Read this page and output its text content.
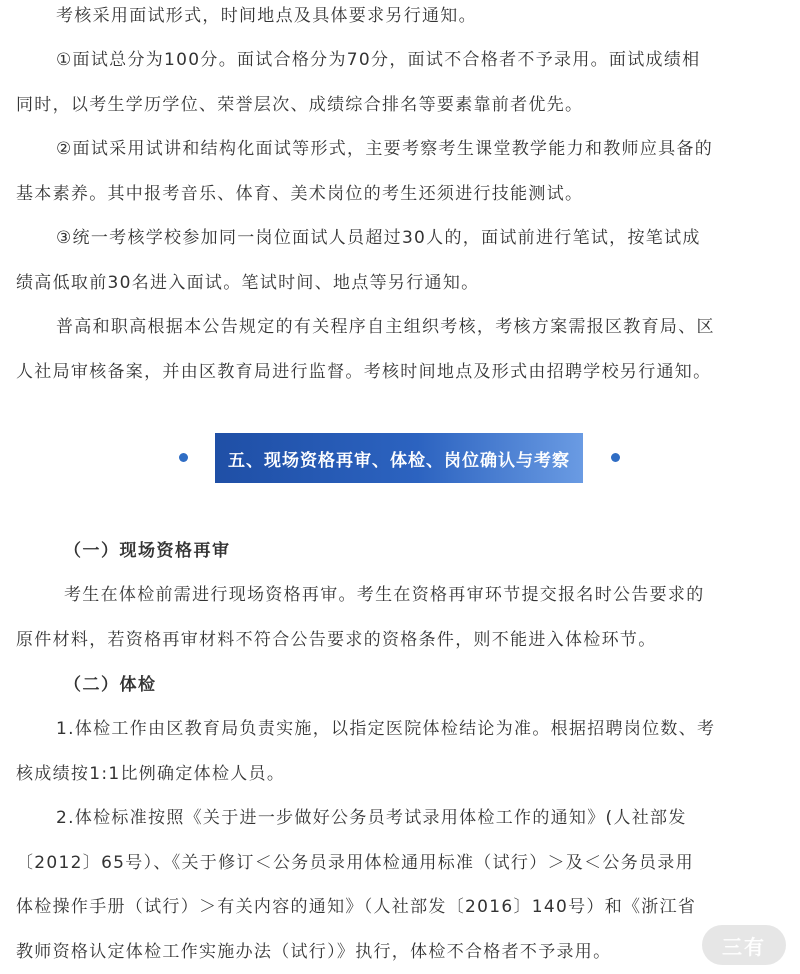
考核采用面试形式，时间地点及具体要求另行通知。
①面试总分为100分。面试合格分为70分，面试不合格者不予录用。面试成绩相
同时，以考生学历学位、荣誉层次、成绩综合排名等要素靠前者优先。
②面试采用试讲和结构化面试等形式，主要考察考生课堂教学能力和教师应具备的
基本素养。其中报考音乐、体育、美术岗位的考生还须进行技能测试。
③统一考核学校参加同一岗位面试人员超过30人的，面试前进行笔试，按笔试成
绩高低取前30名进入面试。笔试时间、地点等另行通知。
普高和职高根据本公告规定的有关程序自主组织考核，考核方案需报区教育局、区
人社局审核备案，并由区教育局进行监督。考核时间地点及形式由招聘学校另行通知。
五、现场资格再审、体检、岗位确认与考察
（一）现场资格再审
考生在体检前需进行现场资格再审。考生在资格再审环节提交报名时公告要求的
原件材料，若资格再审材料不符合公告要求的资格条件，则不能进入体检环节。
（二）体检
1.体检工作由区教育局负责实施，以指定医院体检结论为准。根据招聘岗位数、考
核成绩按1:1比例确定体检人员。
2.体检标准按照《关于进一步做好公务员考试录用体检工作的通知》(人社部发
〔2012〕65号）、《关于修订＜公务员录用体检通用标准（试行）＞及＜公务员录用
体检操作手册（试行）＞有关内容的通知》（人社部发〔2016〕140号）和《浙江省
教师资格认定体检工作实施办法（试行）》执行，体检不合格者不予录用。	三有
